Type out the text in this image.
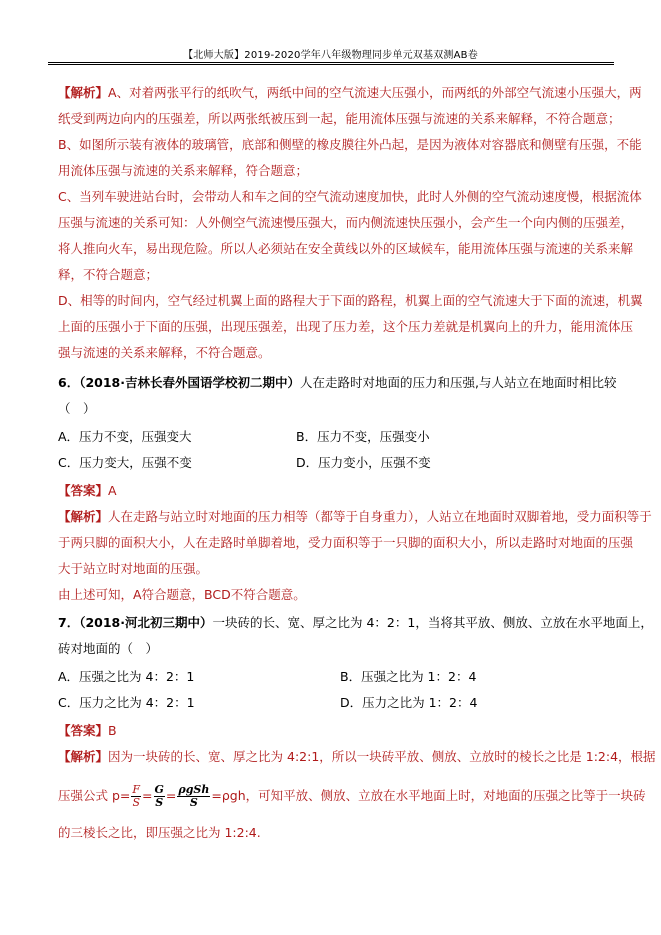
【北师大版】2019-2020学年八年级物理同步单元双基双测AB卷
【解析】A、对着两张平行的纸吹气，两纸中间的空气流速大压强小，而两纸的外部空气流速小压强大，两
纸受到两边向内的压强差，所以两张纸被压到一起，能用流体压强与流速的关系来解释，不符合题意；
B、如图所示装有液体的玻璃管，底部和侧壁的橡皮膜往外凸起，是因为液体对容器底和侧壁有压强，不能
用流体压强与流速的关系来解释，符合题意；
C、当列车驶进站台时，会带动人和车之间的空气流动速度加快，此时人外侧的空气流动速度慢，根据流体
压强与流速的关系可知：人外侧空气流速慢压强大，而内侧流速快压强小，会产生一个向内侧的压强差，
将人推向火车，易出现危险。所以人必须站在安全黄线以外的区域候车，能用流体压强与流速的关系来解
释，不符合题意；
D、相等的时间内，空气经过机翼上面的路程大于下面的路程，机翼上面的空气流速大于下面的流速，机翼
上面的压强小于下面的压强，出现压强差，出现了压力差，这个压力差就是机翼向上的升力，能用流体压
强与流速的关系来解释，不符合题意。
6．（2018·吉林长春外国语学校初二期中）人在走路时对地面的压力和压强,与人站立在地面时相比较
（　）
A．压力不变，压强变大	B．压力不变，压强变小
C．压力变大，压强不变	D．压力变小，压强不变
【答案】A
【解析】人在走路与站立时对地面的压力相等（都等于自身重力），人站立在地面时双脚着地，受力面积等于
于两只脚的面积大小，人在走路时单脚着地，受力面积等于一只脚的面积大小，所以走路时对地面的压强
大于站立时对地面的压强。
由上述可知，A符合题意，BCD不符合题意。
7．（2018·河北初三期中）一块砖的长、宽、厚之比为 4：2：1，当将其平放、侧放、立放在水平地面上，
砖对地面的（　）
A．压强之比为 4：2：1	B．压强之比为 1：2：4
C．压力之比为 4：2：1	D．压力之比为 1：2：4
【答案】B
【解析】因为一块砖的长、宽、厚之比为 4:2:1，所以一块砖平放、侧放、立放时的棱长之比是 1:2:4，根据
压强公式 $p= \frac{F}{S} = \frac{G}{S} = \frac{\text{ρgSh}}{S} =\rho gh$，可知平放、侧放、立放在水平地面上时，对地面的压强之比等于一块砖
的三棱长之比，即压强之比为 1:2:4.
